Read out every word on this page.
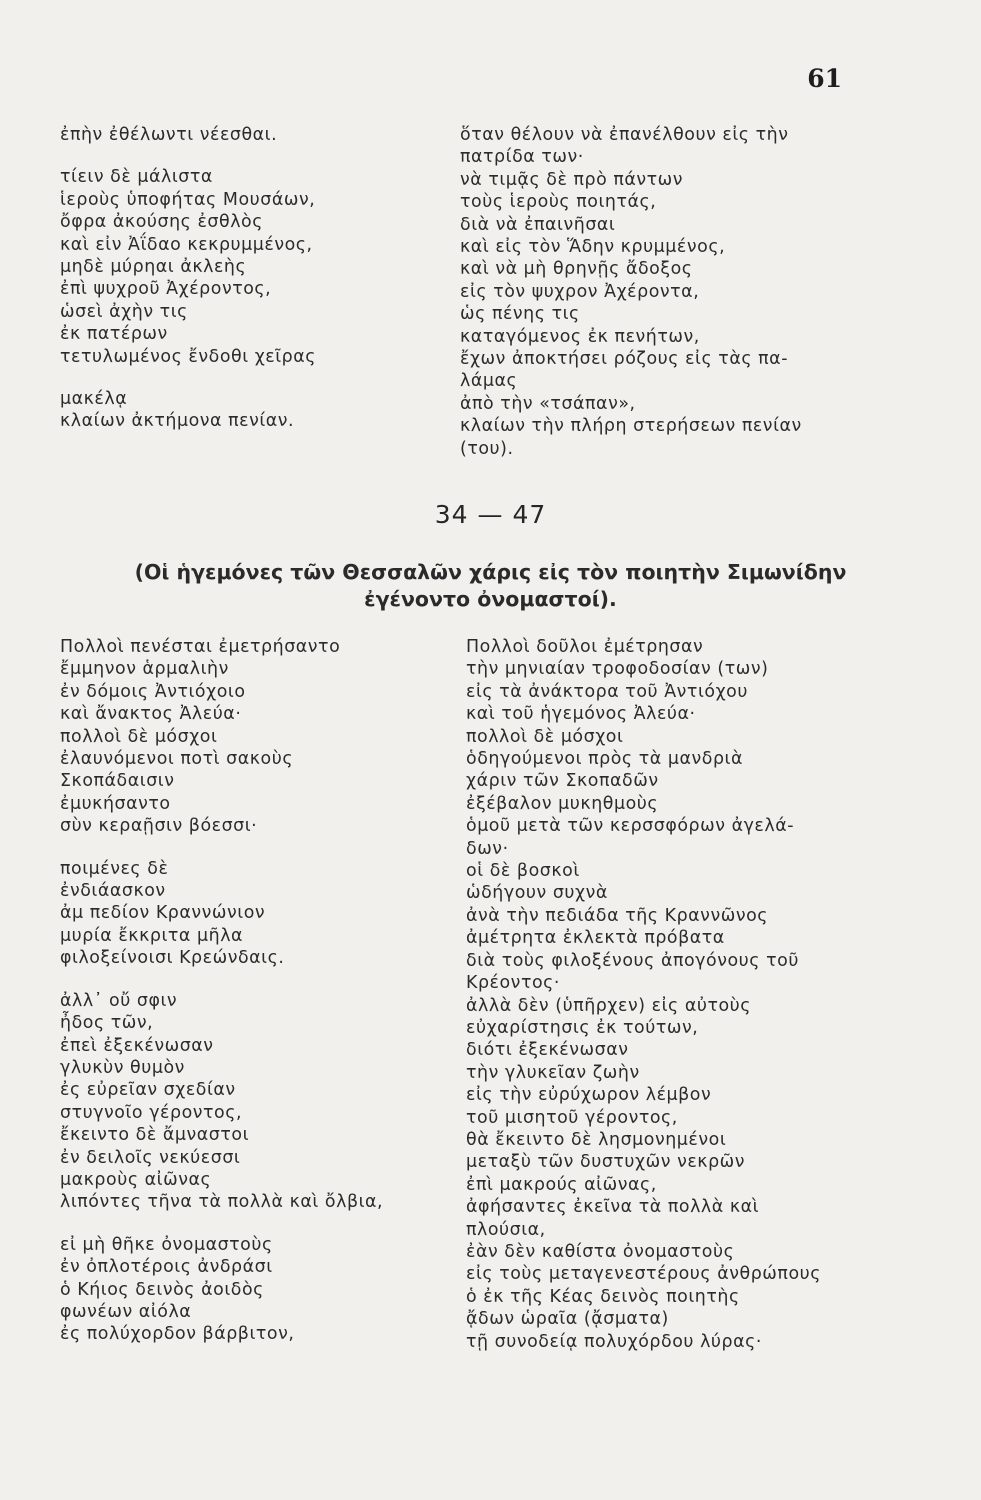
61
ἐπὴν ἐθέλωντι νέεσθαι.
τίειν δὲ μάλιστα
ἱεροὺς ὑποφήτας Μουσάων,
ὄφρα ἀκούσης ἐσθλὸς
καὶ εἰν Ἀΐδαο κεκρυμμένος,
μηδὲ μύρηαι ἀκλεὴς
ἐπὶ ψυχροῦ Ἀχέροντος,
ὡσεὶ ἀχὴν τις
ἐκ πατέρων
τετυλωμένος ἔνδοθι χεῖρας
μακέλᾳ
κλαίων ἀκτήμονα πενίαν.
ὅταν θέλουν νὰ ἐπανέλθουν εἰς τὴν
πατρίδα των·
νὰ τιμᾷς δὲ πρὸ πάντων
τοὺς ἱεροὺς ποιητάς,
διὰ νὰ ἐπαινῆσαι
καὶ εἰς τὸν Ἅδην κρυμμένος,
καὶ νὰ μὴ θρηνῇς ἄδοξος
εἰς τὸν ψυχρον Ἀχέροντα,
ὡς πένης τις
καταγόμενος ἐκ πενήτων,
ἔχων ἀποκτήσει ρόζους εἰς τὰς πα-
λάμας
ἀπὸ τὴν «τσάπαν»,
κλαίων τὴν πλήρη στερήσεων πενίαν
(του).
34 — 47
(Οἱ ἡγεμόνες τῶν Θεσσαλῶν χάρις εἰς τὸν ποιητὴν Σιμωνίδην
ἐγένοντο ὀνομαστοί).
Πολλοὶ πενέσται ἐμετρήσαντο
ἔμμηνον ἁρμαλιὴν
ἐν δόμοις Ἀντιόχοιο
καὶ ἄνακτος Ἀλεύα·
πολλοὶ δὲ μόσχοι
ἐλαυνόμενοι ποτὶ σακοὺς
Σκοπάδαισιν
ἐμυκήσαντο
σὺν κεραῇσιν βόεσσι·
ποιμένες δὲ
ἐνδιάασκον
ἀμ πεδίον Κραννώνιον
μυρία ἔκκριτα μῆλα
φιλοξείνοισι Κρεώνδαις.
ἀλλ᾿ οὔ σφιν
ἦδος τῶν,
ἐπεὶ ἐξεκένωσαν
γλυκὺν θυμὸν
ἐς εὐρεῖαν σχεδίαν
στυγνοῖο γέροντος,
ἔκειντο δὲ ἄμναστοι
ἐν δειλοῖς νεκύεσσι
μακροὺς αἰῶνας
λιπόντες τῆνα τὰ πολλὰ καὶ ὄλβια,
εἰ μὴ θῆκε ὀνομαστοὺς
ἐν ὀπλοτέροις ἀνδράσι
ὁ Κήιος δεινὸς ἀοιδὸς
φωνέων αἰόλα
ἐς πολύχορδον βάρβιτον,
Πολλοὶ δοῦλοι ἐμέτρησαν
τὴν μηνιαίαν τροφοδοσίαν (των)
εἰς τὰ ἀνάκτορα τοῦ Ἀντιόχου
καὶ τοῦ ἡγεμόνος Ἀλεύα·
πολλοὶ δὲ μόσχοι
ὁδηγούμενοι πρὸς τὰ μανδριὰ
χάριν τῶν Σκοπαδῶν
ἐξέβαλον μυκηθμοὺς
ὁμοῦ μετὰ τῶν κερσσφόρων ἀγελά-
δων·
οἱ δὲ βοσκοὶ
ὡδήγουν συχνὰ
ἀνὰ τὴν πεδιάδα τῆς Κραννῶνος
ἀμέτρητα ἐκλεκτὰ πρόβατα
διὰ τοὺς φιλοξένους ἀπογόνους τοῦ
Κρέοντος·
ἀλλὰ δὲν (ὑπῆρχεν) εἰς αὐτοὺς
εὐχαρίστησις ἐκ τούτων,
διότι ἐξεκένωσαν
τὴν γλυκεῖαν ζωὴν
εἰς τὴν εὐρύχωρον λέμβον
τοῦ μισητοῦ γέροντος,
θὰ ἔκειντο δὲ λησμονημένοι
μεταξὺ τῶν δυστυχῶν νεκρῶν
ἐπὶ μακρούς αἰῶνας,
ἀφήσαντες ἐκεῖνα τὰ πολλὰ καὶ
πλούσια,
ἐὰν δὲν καθίστα ὀνομαστοὺς
εἰς τοὺς μεταγενεστέρους ἀνθρώπους
ὁ ἐκ τῆς Κέας δεινὸς ποιητὴς
ᾄδων ὡραῖα (ᾄσματα)
τῇ συνοδείᾳ πολυχόρδου λύρας·
